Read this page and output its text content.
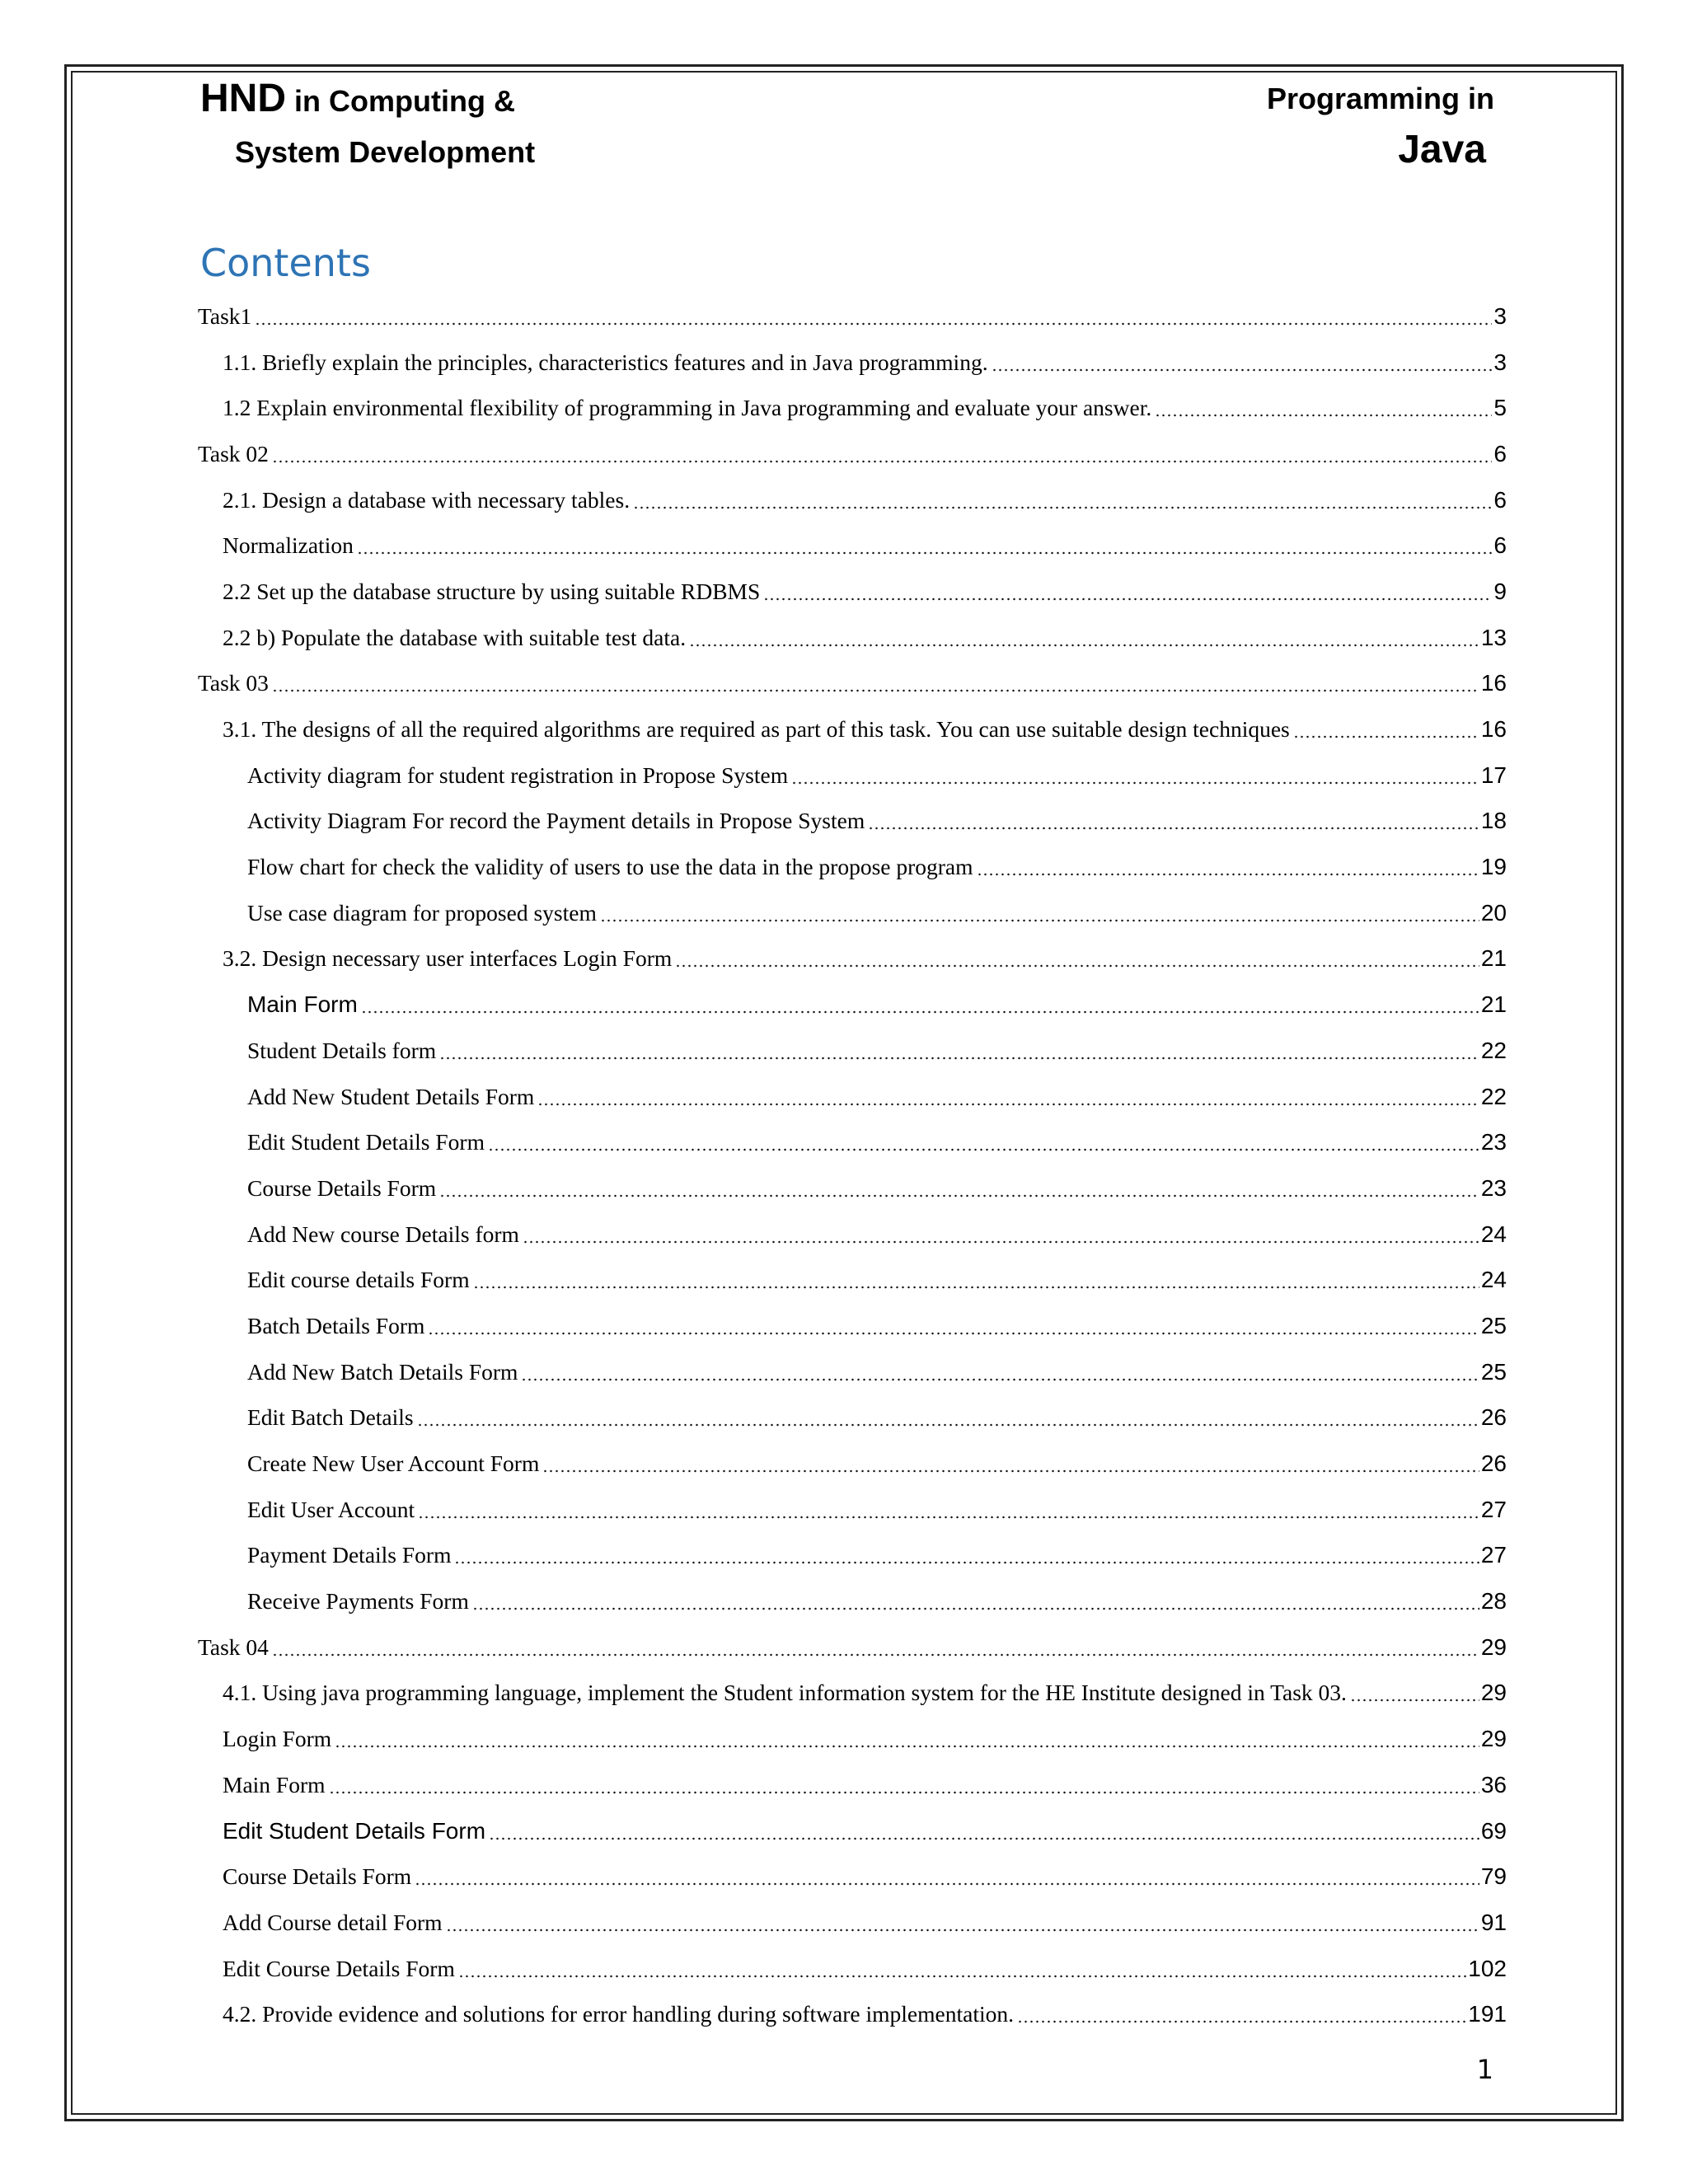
HND in Computing &
System Development
Programming in
Java
Contents
Task1	3
1.1. Briefly explain the principles, characteristics features and in Java programming.	3
1.2 Explain environmental flexibility of programming in Java programming and evaluate your answer.	5
Task 02	6
2.1. Design a database with necessary tables.	6
Normalization	6
2.2 Set up the database structure by using suitable RDBMS	9
2.2 b) Populate the database with suitable test data.	13
Task 03	16
3.1. The designs of all the required algorithms are required as part of this task. You can use suitable design techniques	16
Activity diagram for student registration in Propose System	17
Activity Diagram For record the Payment details in Propose System	18
Flow chart for check the validity of users to use the data in the propose program	19
Use case diagram for proposed system	20
3.2. Design necessary user interfaces Login Form	21
Main Form	21
Student Details form	22
Add New Student Details Form	22
Edit Student Details Form	23
Course Details Form	23
Add New course Details form	24
Edit course details Form	24
Batch Details Form	25
Add New Batch Details Form	25
Edit Batch Details	26
Create New User Account Form	26
Edit User Account	27
Payment Details Form	27
Receive Payments Form	28
Task 04	29
4.1. Using java programming language, implement the Student information system for the HE Institute designed in Task 03.	29
Login Form	29
Main Form	36
Edit Student Details Form	69
Course Details Form	79
Add Course detail Form	91
Edit Course Details Form	102
4.2. Provide evidence and solutions for error handling during software implementation.	191
1
